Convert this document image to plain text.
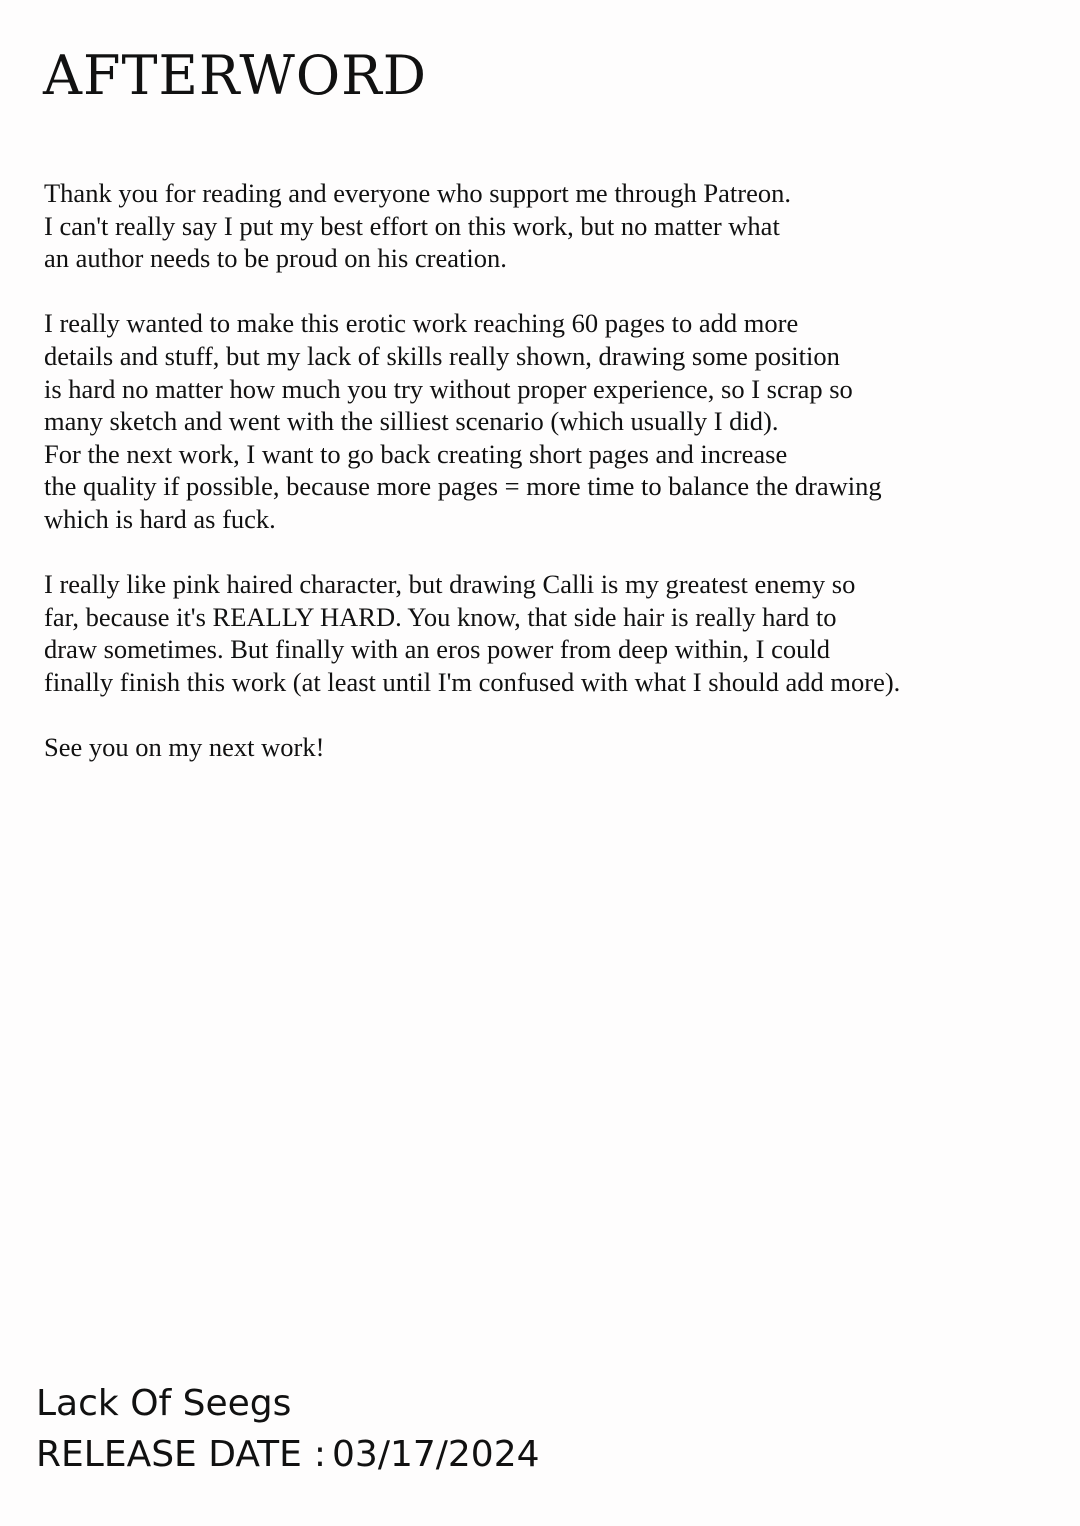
AFTERWORD

Thank you for reading and everyone who support me through Patreon.
I can't really say I put my best effort on this work, but no matter what
an author needs to be proud on his creation.

I really wanted to make this erotic work reaching 60 pages to add more
details and stuff, but my lack of skills really shown, drawing some position
is hard no matter how much you try without proper experience, so I scrap so
many sketch and went with the silliest scenario (which usually I did).
For the next work, I want to go back creating short pages and increase
the quality if possible, because more pages = more time to balance the drawing
which is hard as fuck.

I really like pink haired character, but drawing Calli is my greatest enemy so
far, because it's REALLY HARD. You know, that side hair is really hard to
draw sometimes. But finally with an eros power from deep within, I could
finally finish this work (at least until I'm confused with what I should add more).

See you on my next work!

Lack Of Seegs
RELEASE DATE : 03/17/2024
